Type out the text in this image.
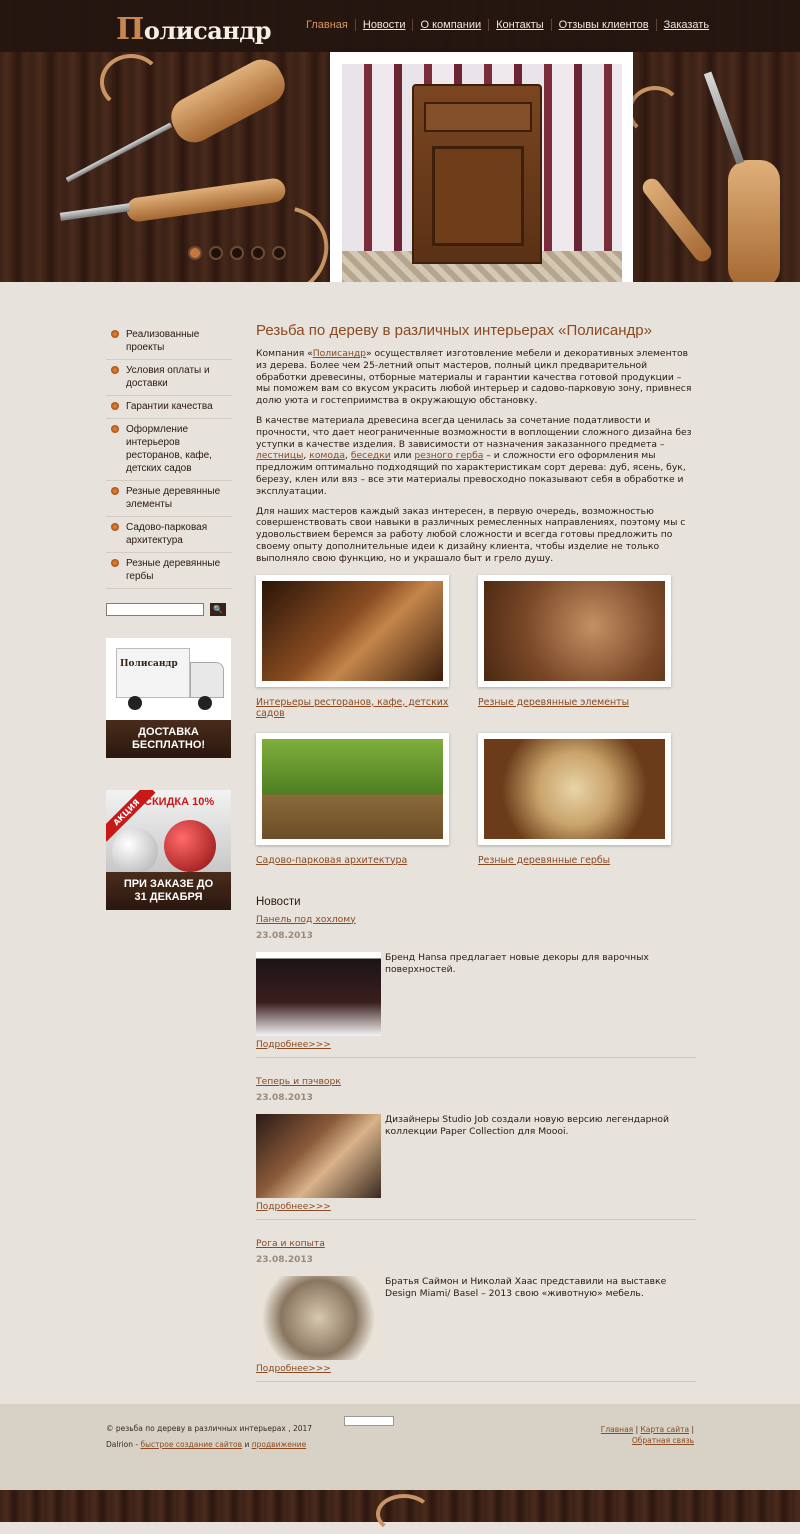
Полисандр	Главная	Новости	О компании	Контакты	Отзывы клиентов	Заказать
Реализованные проекты
Условия оплаты и доставки
Гарантии качества
Оформление интерьеров ресторанов, кафе, детских садов
Резные деревянные элементы
Садово-парковая архитектура
Резные деревянные гербы
🔍
Полисандр
ДОСТАВКА
БЕСПЛАТНО!
АКЦИЯ СКИДКА 10%
ПРИ ЗАКАЗЕ ДО
31 ДЕКАБРЯ
Резьба по дереву в различных интерьерах «Полисандр»

Компания «Полисандр» осуществляет изготовление мебели и декоративных элементов из дерева. Более чем 25-летний опыт мастеров, полный цикл предварительной обработки древесины, отборные материалы и гарантии качества готовой продукции – мы поможем вам со вкусом украсить любой интерьер и садово-парковую зону, привнеся долю уюта и гостеприимства в окружающую обстановку.

В качестве материала древесина всегда ценилась за сочетание податливости и прочности, что дает неограниченные возможности в воплощении сложного дизайна без уступки в качестве изделия. В зависимости от назначения заказанного предмета – лестницы, комода, беседки или резного герба – и сложности его оформления мы предложим оптимально подходящий по характеристикам сорт дерева: дуб, ясень, бук, березу, клен или вяз – все эти материалы превосходно показывают себя в обработке и эксплуатации.

Для наших мастеров каждый заказ интересен, в первую очередь, возможностью совершенствовать свои навыки в различных ремесленных направлениях, поэтому мы с удовольствием беремся за работу любой сложности и всегда готовы предложить по своему опыту дополнительные идеи к дизайну клиента, чтобы изделие не только выполняло свою функцию, но и украшало быт и грело душу.

Интерьеры ресторанов, кафе, детских садов
Резные деревянные элементы
Садово-парковая архитектура	Резные деревянные гербы
Новости
Панель под хохлому
23.08.2013
Бренд Hansa предлагает новые декоры для варочных поверхностей.
Подробнее>>>
Теперь и пэчворк
23.08.2013
Дизайнеры Studio Job создали новую версию легендарной коллекции Paper Collection для Moooi.
Подробнее>>>
Рога и копыта
23.08.2013
Братья Саймон и Николай Хаас представили на выставке Design Miami/ Basel – 2013 свою «животную» мебель.
Подробнее>>>
© резьба по дереву в различных интерьерах , 2017
Dalrion - быстрое создание сайтов и продвижение
Главная | Карта сайта | Обратная связь
